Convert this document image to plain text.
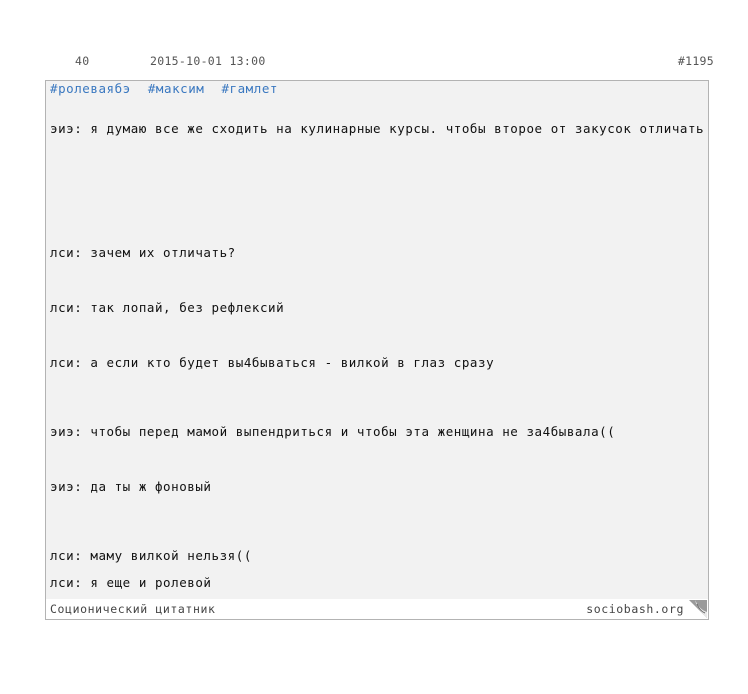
40	2015-10-01 13:00	#1195
#ролеваябэ #максим #гамлет
эиэ: я думаю все же сходить на кулинарные курсы. чтобы второе от закусок отличать
лси: зачем их отличать?
лси: так лопай, без рефлексий
лси: а если кто будет вы4бываться - вилкой в глаз сразу
эиэ: чтобы перед мамой выпендриться и чтобы эта женщина не за4бывала((
эиэ: да ты ж фоновый
лси: маму вилкой нельзя((
лси: я еще и ролевой
Соционический цитатник	sociobash.org
